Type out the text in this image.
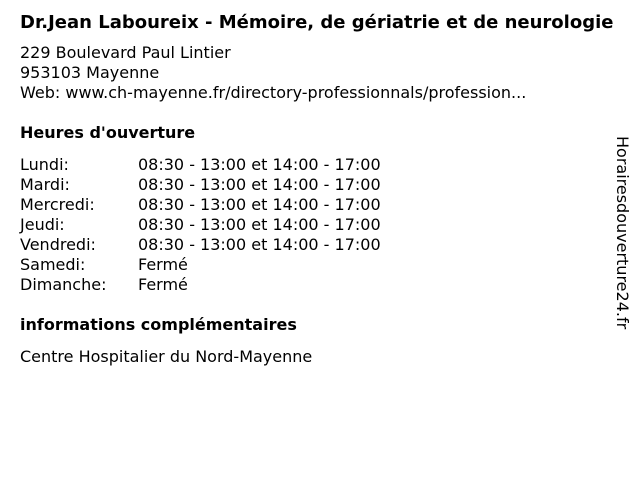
Dr.Jean Laboureix - Mémoire, de gériatrie et de neurologie
229 Boulevard Paul Lintier
953103 Mayenne
Web: www.ch-mayenne.fr/directory-professionnals/profession...
Heures d'ouverture
Lundi:	08:30 - 13:00 et 14:00 - 17:00
Mardi:	08:30 - 13:00 et 14:00 - 17:00
Mercredi:	08:30 - 13:00 et 14:00 - 17:00
Jeudi:	08:30 - 13:00 et 14:00 - 17:00
Vendredi:	08:30 - 13:00 et 14:00 - 17:00
Samedi:	Fermé
Dimanche:	Fermé
informations complémentaires
Centre Hospitalier du Nord-Mayenne
Horairesdouverture24.fr
